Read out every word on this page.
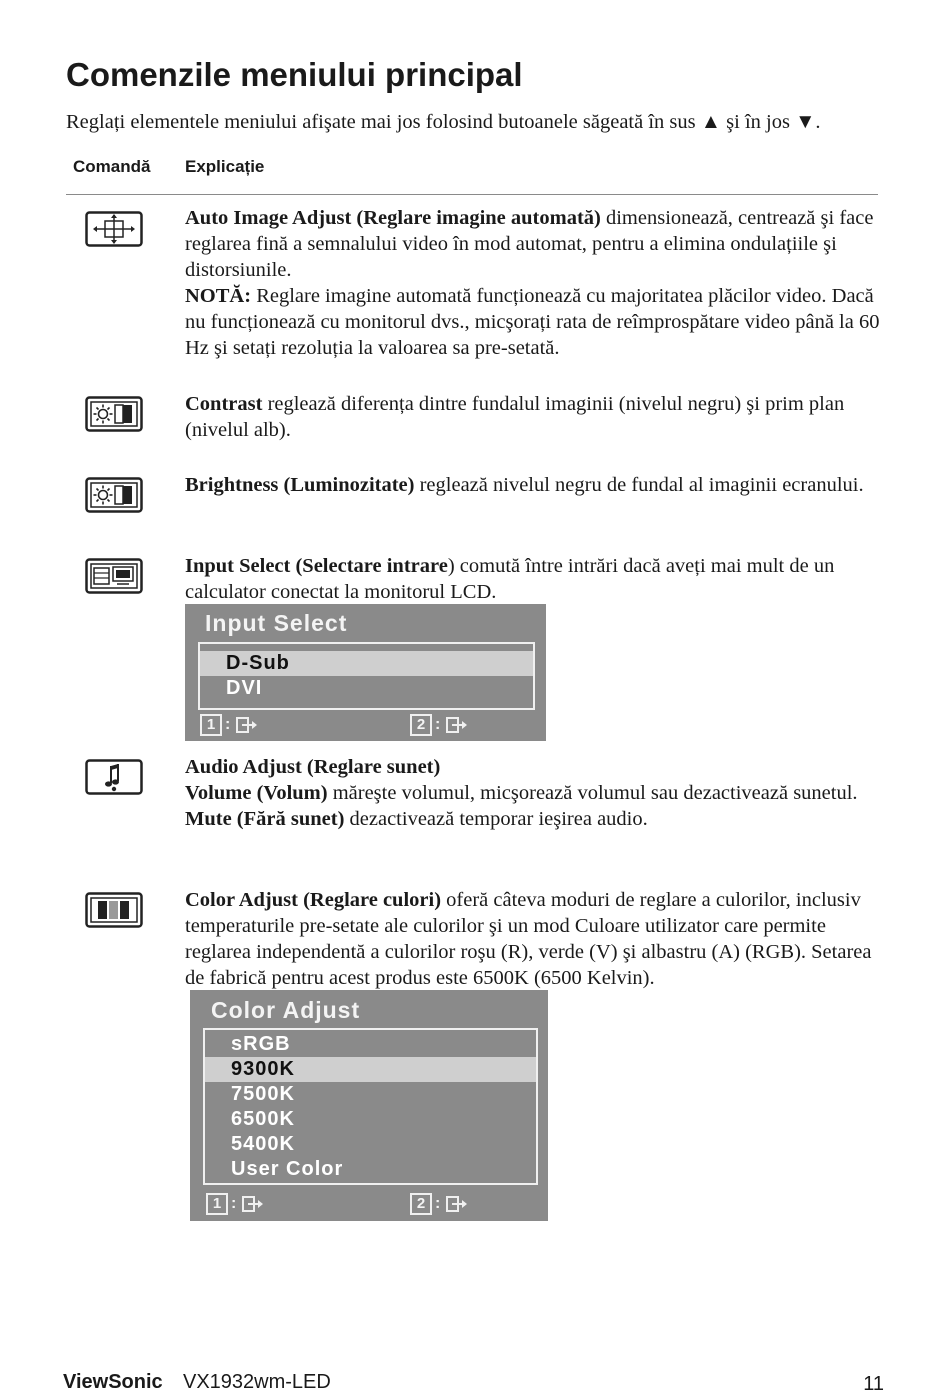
Comenzile meniului principal
Reglați elementele meniului afişate mai jos folosind butoanele săgeată în sus ▲ şi în jos ▼.
Comandă Explicație

Auto Image Adjust (Reglare imagine automată) dimensionează, centrează şi face reglarea fină a semnalului video în mod automat, pentru a elimina ondulațiile şi distorsiunile.

NOTĂ: Reglare imagine automată funcționează cu majoritatea plăcilor video. Dacă nu funcționează cu monitorul dvs., micşorați rata de reîmprospătare video până la 60 Hz şi setați rezoluția la valoarea sa pre-setată.

Contrast reglează diferența dintre fundalul imaginii (nivelul negru) şi prim plan (nivelul alb).

Brightness (Luminozitate) reglează nivelul negru de fundal al imaginii ecranului.

Input Select (Selectare intrare) comută între intrări dacă aveți mai mult de un calculator conectat la monitorul LCD.

Audio Adjust (Reglare sunet)

Volume (Volum) măreşte volumul, micşorează volumul sau dezactivează sunetul.

Mute (Fără sunet) dezactivează temporar ieşirea audio.

Color Adjust (Reglare culori) oferă câteva moduri de reglare a culorilor, inclusiv temperaturile pre-setate ale culorilor şi un mod Culoare utilizator care permite reglarea independentă a culorilor roşu (R), verde (V) şi albastru (A) (RGB). Setarea de fabrică pentru acest produs este 6500K (6500 Kelvin).

Input Select
D-Sub
DVI
1 :	2 :
Color Adjust
sRGB
9300K
7500K
6500K
5400K
User Color
1 :	2 :
ViewSonic VX1932wm-LED	11
